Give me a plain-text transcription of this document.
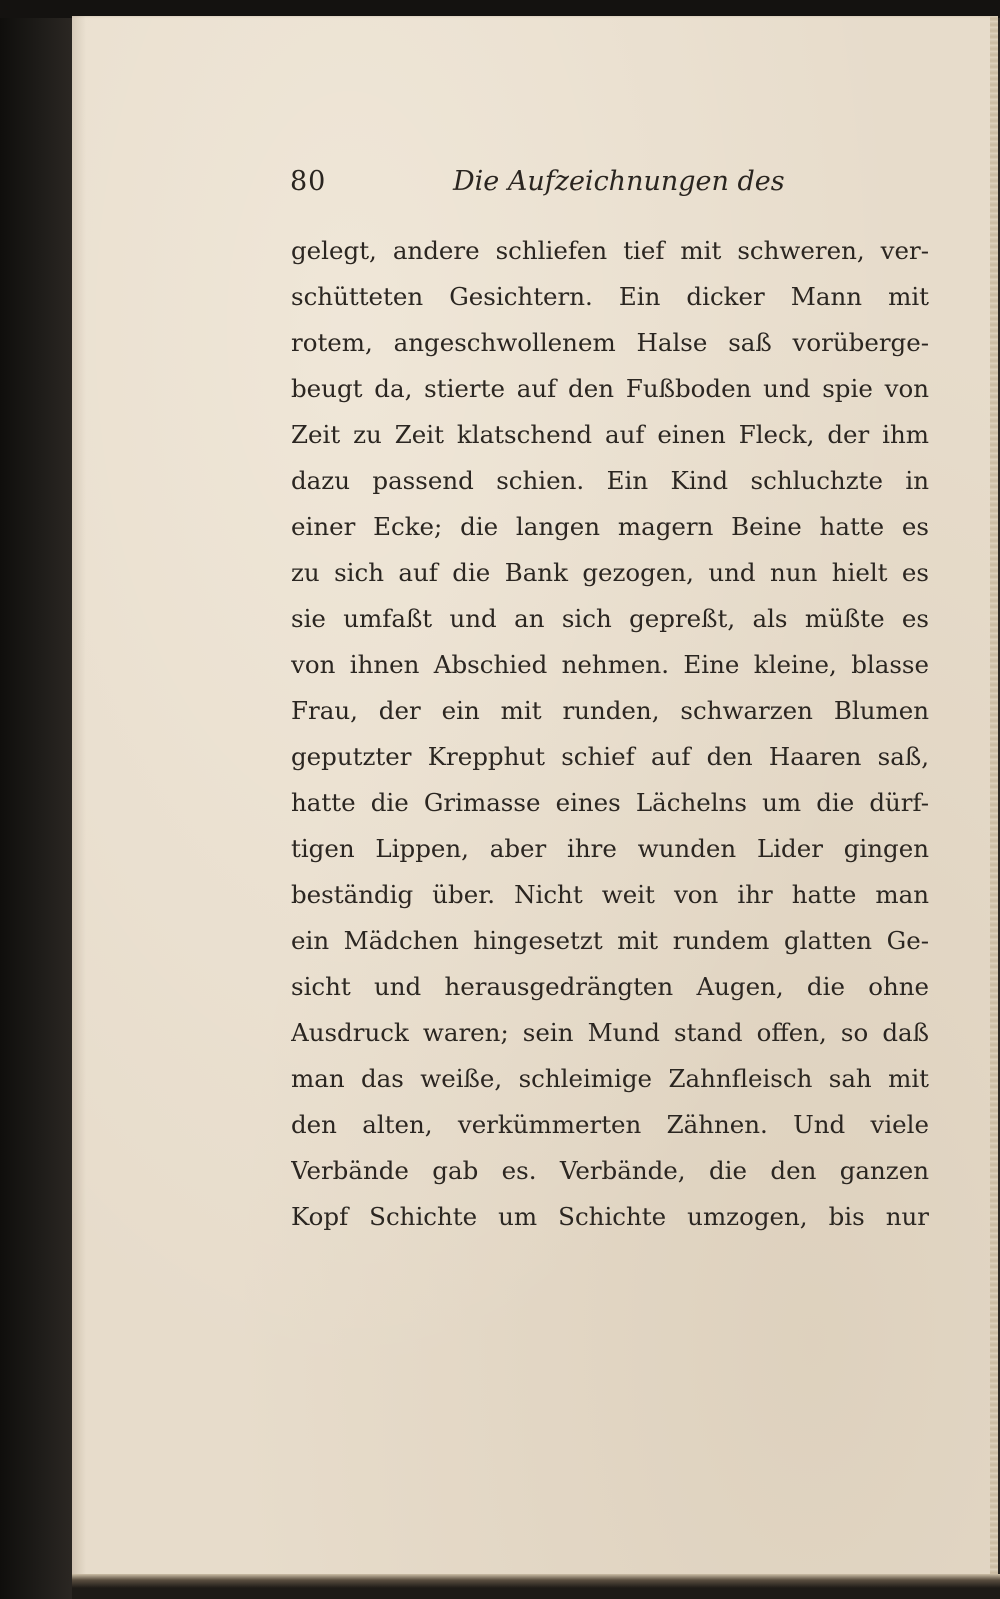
80	Die Aufzeichnungen des
gelegt, andere schliefen tief mit schweren, ver-
schütteten Gesichtern. Ein dicker Mann mit
rotem, angeschwollenem Halse saß vorüberge-
beugt da, stierte auf den Fußboden und spie von
Zeit zu Zeit klatschend auf einen Fleck, der ihm
dazu passend schien. Ein Kind schluchzte in
einer Ecke; die langen magern Beine hatte es
zu sich auf die Bank gezogen, und nun hielt es
sie umfaßt und an sich gepreßt, als müßte es
von ihnen Abschied nehmen. Eine kleine, blasse
Frau, der ein mit runden, schwarzen Blumen
geputzter Krepphut schief auf den Haaren saß,
hatte die Grimasse eines Lächelns um die dürf-
tigen Lippen, aber ihre wunden Lider gingen
beständig über. Nicht weit von ihr hatte man
ein Mädchen hingesetzt mit rundem glatten Ge-
sicht und herausgedrängten Augen, die ohne
Ausdruck waren; sein Mund stand offen, so daß
man das weiße, schleimige Zahnfleisch sah mit
den alten, verkümmerten Zähnen. Und viele
Verbände gab es. Verbände, die den ganzen
Kopf Schichte um Schichte umzogen, bis nur
